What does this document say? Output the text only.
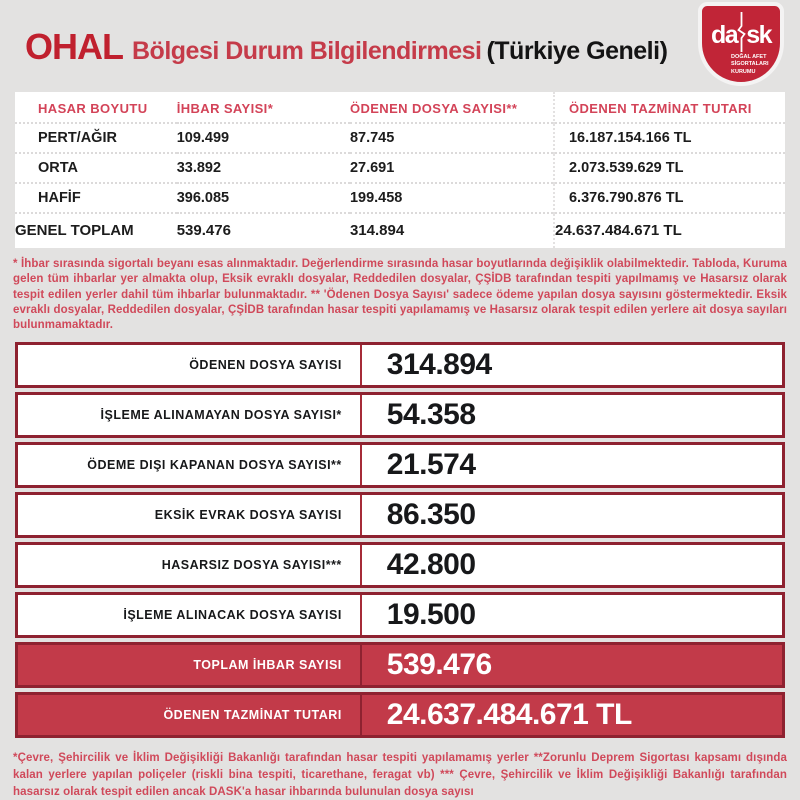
OHAL Bölgesi Durum Bilgilendirmesi (Türkiye Geneli)
da sk
DOĞAL AFET SİGORTALARI KURUMU
HASAR BOYUTU	İHBAR SAYISI*	ÖDENEN DOSYA SAYISI**	ÖDENEN TAZMİNAT TUTARI
PERT/AĞIR	109.499	87.745	16.187.154.166 TL
ORTA	33.892	27.691	2.073.539.629 TL
HAFİF	396.085	199.458	6.376.790.876 TL
GENEL TOPLAM	539.476	314.894	24.637.484.671 TL

* İhbar sırasında sigortalı beyanı esas alınmaktadır. Değerlendirme sırasında hasar boyutlarında değişiklik olabilmektedir. Tabloda, Kuruma gelen tüm ihbarlar yer almakta olup, Eksik evraklı dosyalar, Reddedilen dosyalar, ÇŞİDB tarafından tespiti yapılmamış ve Hasarsız olarak tespit edilen yerler dahil tüm ihbarlar bulunmaktadır. ** 'Ödenen Dosya Sayısı' sadece ödeme yapılan dosya sayısını göstermektedir. Eksik evraklı dosyalar, Reddedilen dosyalar, ÇŞİDB tarafından hasar tespiti yapılamamış ve Hasarsız olarak tespit edilen yerlere ait dosya sayıları bulunmamaktadır.

ÖDENEN DOSYA SAYISI	314.894
İŞLEME ALINAMAYAN DOSYA SAYISI*	54.358
ÖDEME DIŞI KAPANAN DOSYA SAYISI**	21.574
EKSİK EVRAK DOSYA SAYISI	86.350
HASARSIZ DOSYA SAYISI***	42.800
İŞLEME ALINACAK DOSYA SAYISI	19.500
TOPLAM İHBAR SAYISI	539.476
ÖDENEN TAZMİNAT TUTARI	24.637.484.671 TL

*Çevre, Şehircilik ve İklim Değişikliği Bakanlığı tarafından hasar tespiti yapılamamış yerler **Zorunlu Deprem Sigortası kapsamı dışında kalan yerlere yapılan poliçeler (riskli bina tespiti, ticarethane, feragat vb) *** Çevre, Şehircilik ve İklim Değişikliği Bakanlığı tarafından hasarsız olarak tespit edilen ancak DASK'a hasar ihbarında bulunulan dosya sayısı
